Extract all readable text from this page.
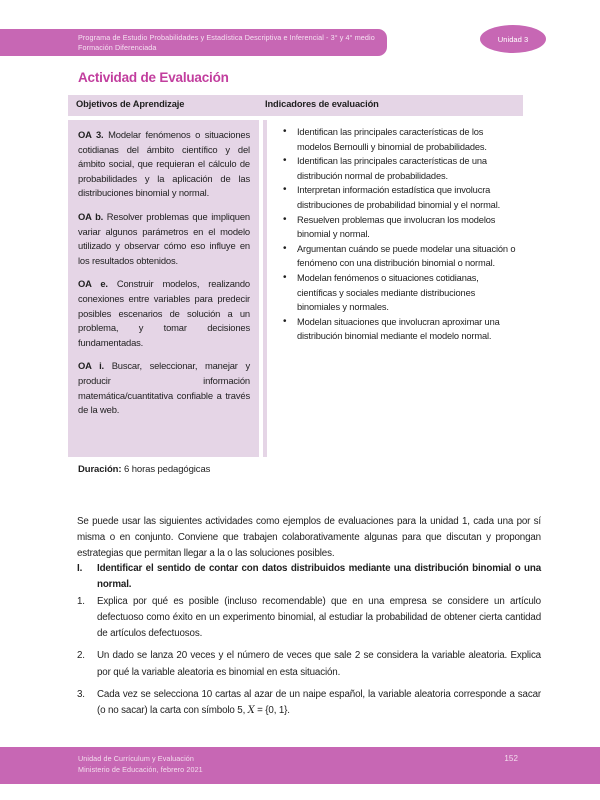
Programa de Estudio Probabilidades y Estadística Descriptiva e Inferencial - 3° y 4° medio
Formación Diferenciada
Unidad 3
Actividad de Evaluación
Objetivos de Aprendizaje	Indicadores de evaluación

OA 3. Modelar fenómenos o situaciones cotidianas del ámbito científico y del ámbito social, que requieran el cálculo de probabilidades y la aplicación de las distribuciones binomial y normal.

OA b. Resolver problemas que impliquen variar algunos parámetros en el modelo utilizado y observar cómo eso influye en los resultados obtenidos.

OA e. Construir modelos, realizando conexiones entre variables para predecir posibles escenarios de solución a un problema, y tomar decisiones fundamentadas.

OA i. Buscar, seleccionar, manejar y producir información matemática/cuantitativa confiable a través de la web.

• Identifican las principales características de los modelos Bernoulli y binomial de probabilidades.
• Identifican las principales características de una distribución normal de probabilidades.
• Interpretan información estadística que involucra distribuciones de probabilidad binomial y el normal.
• Resuelven problemas que involucran los modelos binomial y normal.
• Argumentan cuándo se puede modelar una situación o fenómeno con una distribución binomial o normal.
• Modelan fenómenos o situaciones cotidianas, científicas y sociales mediante distribuciones binomiales y normales.
• Modelan situaciones que involucran aproximar una distribución binomial mediante el modelo normal.
Duración: 6 horas pedagógicas

Se puede usar las siguientes actividades como ejemplos de evaluaciones para la unidad 1, cada una por sí misma o en conjunto. Conviene que trabajen colaborativamente algunas para que discutan y propongan estrategias que permitan llegar a la o las soluciones posibles.

I. Identificar el sentido de contar con datos distribuidos mediante una distribución binomial o una normal.
1. Explica por qué es posible (incluso recomendable) que en una empresa se considere un artículo defectuoso como éxito en un experimento binomial, al estudiar la probabilidad de obtener cierta cantidad de artículos defectuosos.
2. Un dado se lanza 20 veces y el número de veces que sale 2 se considera la variable aleatoria. Explica por qué la variable aleatoria es binomial en esta situación.
3. Cada vez se selecciona 10 cartas al azar de un naipe español, la variable aleatoria corresponde a sacar (o no sacar) la carta con símbolo 5, X = {0, 1}.
Unidad de Currículum y Evaluación
Ministerio de Educación, febrero 2021
152
